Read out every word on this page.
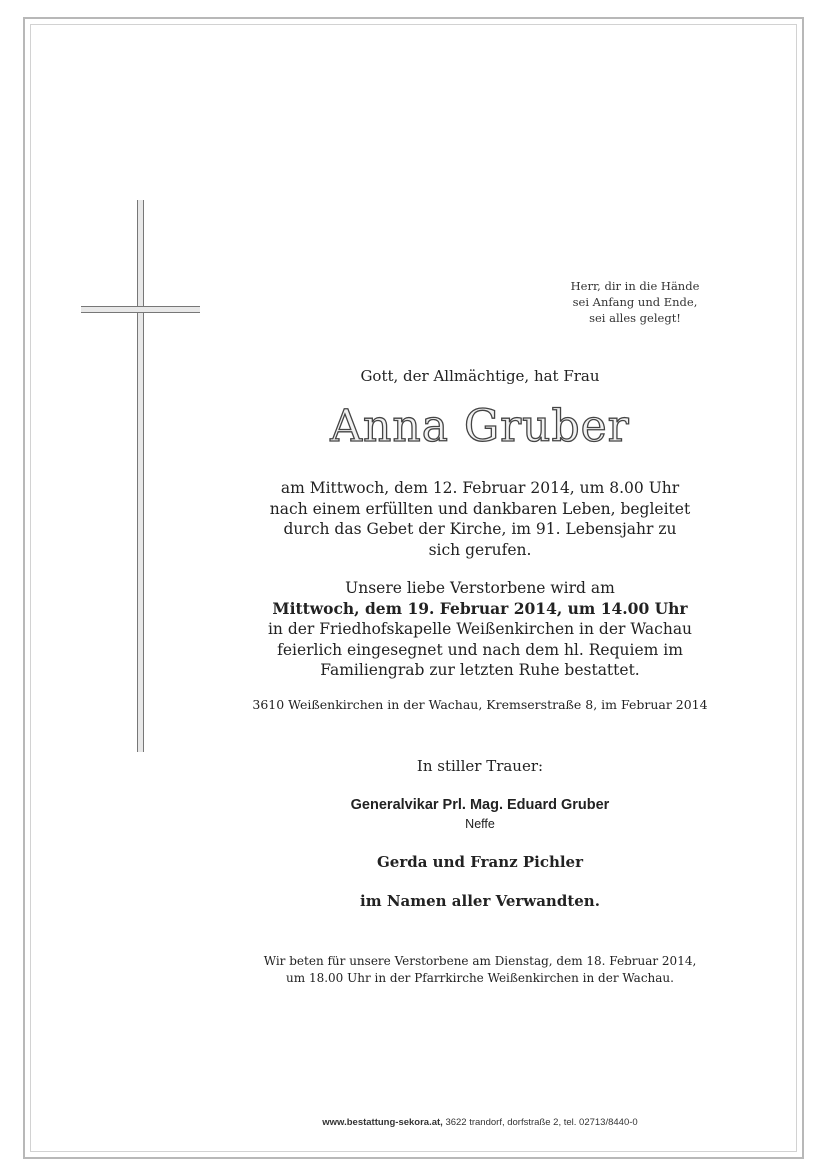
Herr, dir in die Hände
sei Anfang und Ende,
sei alles gelegt!
Gott, der Allmächtige, hat Frau
Anna Gruber
am Mittwoch, dem 12. Februar 2014, um 8.00 Uhr
nach einem erfüllten und dankbaren Leben, begleitet
durch das Gebet der Kirche, im 91. Lebensjahr zu
sich gerufen.
Unsere liebe Verstorbene wird am
Mittwoch, dem 19. Februar 2014, um 14.00 Uhr
in der Friedhofskapelle Weißenkirchen in der Wachau
feierlich eingesegnet und nach dem hl. Requiem im
Familiengrab zur letzten Ruhe bestattet.
3610 Weißenkirchen in der Wachau, Kremserstraße 8, im Februar 2014
In stiller Trauer:
Generalvikar Prl. Mag. Eduard Gruber
Neffe
Gerda und Franz Pichler
im Namen aller Verwandten.
Wir beten für unsere Verstorbene am Dienstag, dem 18. Februar 2014,
um 18.00 Uhr in der Pfarrkirche Weißenkirchen in der Wachau.
www.bestattung-sekora.at, 3622 trandorf, dorfstraße 2, tel. 02713/8440-0
